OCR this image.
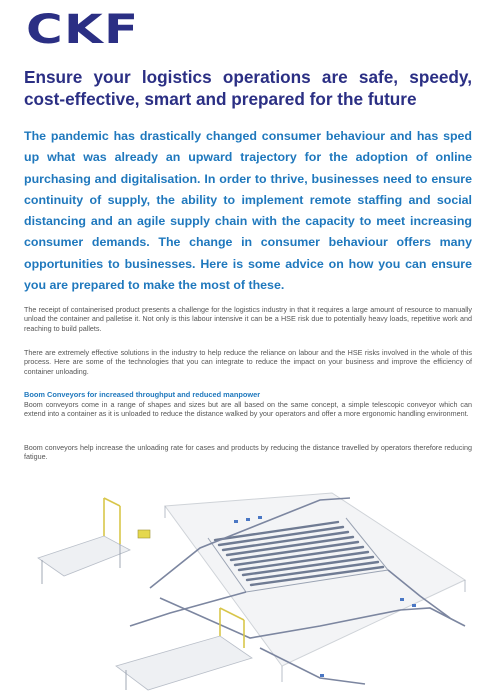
CKF
Ensure your logistics operations are safe, speedy, cost-effective, smart and prepared for the future

The pandemic has drastically changed consumer behaviour and has sped up what was already an upward trajectory for the adoption of online purchasing and digitalisation. In order to thrive, businesses need to ensure continuity of supply, the ability to implement remote staffing and social distancing and an agile supply chain with the capacity to meet increasing consumer demands. The change in consumer behaviour offers many opportunities to businesses. Here is some advice on how you can ensure you are prepared to make the most of these.

The receipt of containerised product presents a challenge for the logistics industry in that it requires a large amount of resource to manually unload the container and palletise it. Not only is this labour intensive it can be a HSE risk due to potentially heavy loads, repetitive work and reaching to build pallets.

There are extremely effective solutions in the industry to help reduce the reliance on labour and the HSE risks involved in the whole of this process. Here are some of the technologies that you can integrate to reduce the impact on your business and improve the efficiency of container unloading.

Boom Conveyors for increased throughput and reduced manpower

Boom conveyors come in a range of shapes and sizes but are all based on the same concept, a simple telescopic conveyor which can extend into a container as it is unloaded to reduce the distance walked by your operators and offer a more ergonomic handling environment.

Boom conveyors help increase the unloading rate for cases and products by reducing the distance travelled by operators therefore reducing fatigue.
